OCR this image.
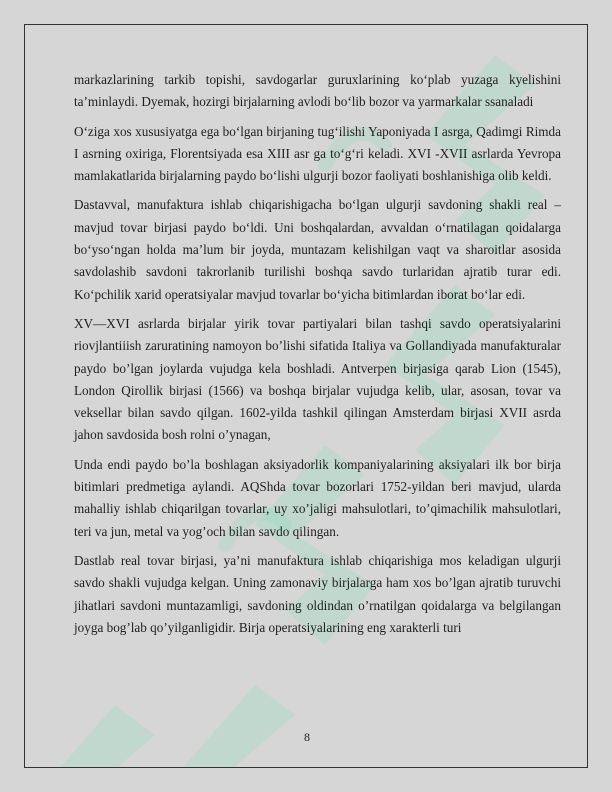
markazlarining tarkib topishi, savdogarlar guruxlarining ko‘plab yuzaga kyelishini ta’minlaydi. Dyemak, hozirgi birjalarning avlodi bo‘lib bozor va yarmarkalar ssanaladi

O‘ziga xos xususiyatga ega bo‘lgan birjaning tug‘ilishi Yaponiyada I asrga, Qadimgi Rimda I asrning oxiriga, Florentsiyada esa XIII asr ga to‘g‘ri keladi. XVI -XVII asrlarda Yevropa mamlakatlarida birjalarning paydo bo‘lishi ulgurji bozor faoliyati boshlanishiga olib keldi.

Dastavval, manufaktura ishlab chiqarishigacha bo‘lgan ulgurji savdoning shakli real – mavjud tovar birjasi paydo bo‘ldi. Uni boshqalardan, avvaldan o‘rnatilagan qoidalarga bo‘yso‘ngan holda ma’lum bir joyda, muntazam kelishilgan vaqt va sharoitlar asosida savdolashib savdoni takrorlanib turilishi boshqa savdo turlaridan ajratib turar edi. Ko‘pchilik xarid operatsiyalar mavjud tovarlar bo‘yicha bitimlardan iborat bo‘lar edi.

XV—XVI asrlarda birjalar yirik tovar partiyalari bilan tashqi savdo operatsiyalarini riovjlantiiish zaruratining namoyon bo’lishi sifatida Italiya va Gollandiyada manufakturalar paydo bo’lgan joylarda vujudga kela boshladi. Antverpen birjasiga qarab Lion (1545), London Qirollik birjasi (1566) va boshqa birjalar vujudga kelib, ular, asosan, tovar va veksellar bilan savdo qilgan. 1602-yilda tashkil qilingan Amsterdam birjasi XVII asrda jahon savdosida bosh rolni o’ynagan,

Unda endi paydo bo’la boshlagan aksiyadorlik kompaniyalarining aksiyalari ilk bor birja bitimlari predmetiga aylandi. AQShda tovar bozorlari 1752-yildan beri mavjud, ularda mahalliy ishlab chiqarilgan tovarlar, uy xo’jaligi mahsulotlari, to’qimachilik mahsulotlari, teri va jun, metal va yog’och bilan savdo qilingan.

Dastlab real tovar birjasi, ya’ni manufaktura ishlab chiqarishiga mos keladigan ulgurji savdo shakli vujudga kelgan. Uning zamonaviy birjalarga ham xos bo’lgan ajratib turuvchi jihatlari savdoni muntazamligi, savdoning oldindan o’rnatilgan qoidalarga va belgilangan joyga bog’lab qo’yilganligidir. Birja operatsiyalarining eng xarakterli turi

8
